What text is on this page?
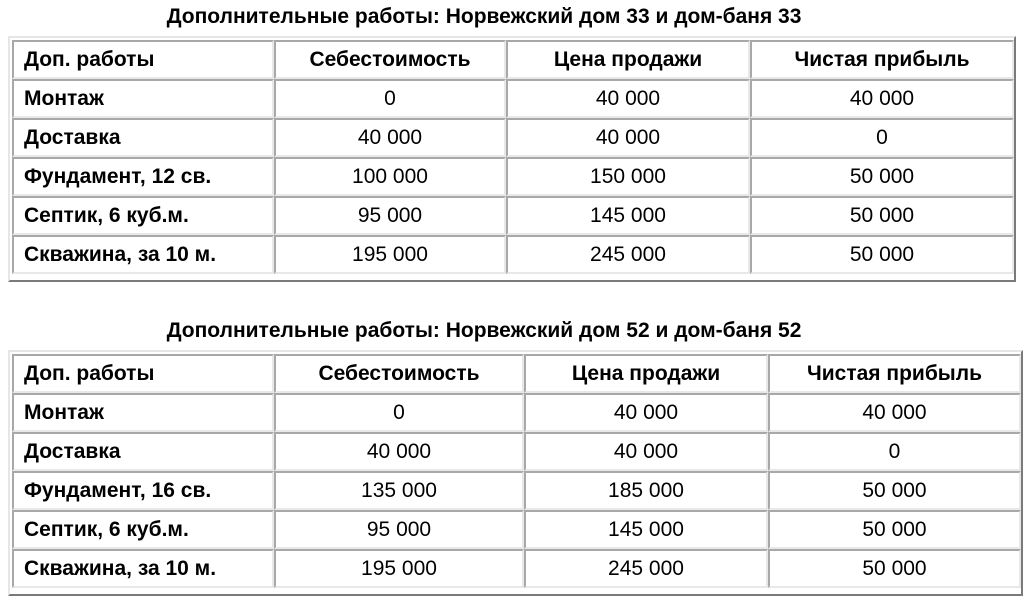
Дополнительные работы: Норвежский дом 33 и дом-баня 33
Доп. работы	Себестоимость	Цена продажи	Чистая прибыль
Монтаж	0	40 000	40 000
Доставка	40 000	40 000	0
Фундамент, 12 св.	100 000	150 000	50 000
Септик, 6 куб.м.	95 000	145 000	50 000
Скважина, за 10 м.	195 000	245 000	50 000
Дополнительные работы: Норвежский дом 52 и дом-баня 52
Доп. работы	Себестоимость	Цена продажи	Чистая прибыль
Монтаж	0	40 000	40 000
Доставка	40 000	40 000	0
Фундамент, 16 св.	135 000	185 000	50 000
Септик, 6 куб.м.	95 000	145 000	50 000
Скважина, за 10 м.	195 000	245 000	50 000
